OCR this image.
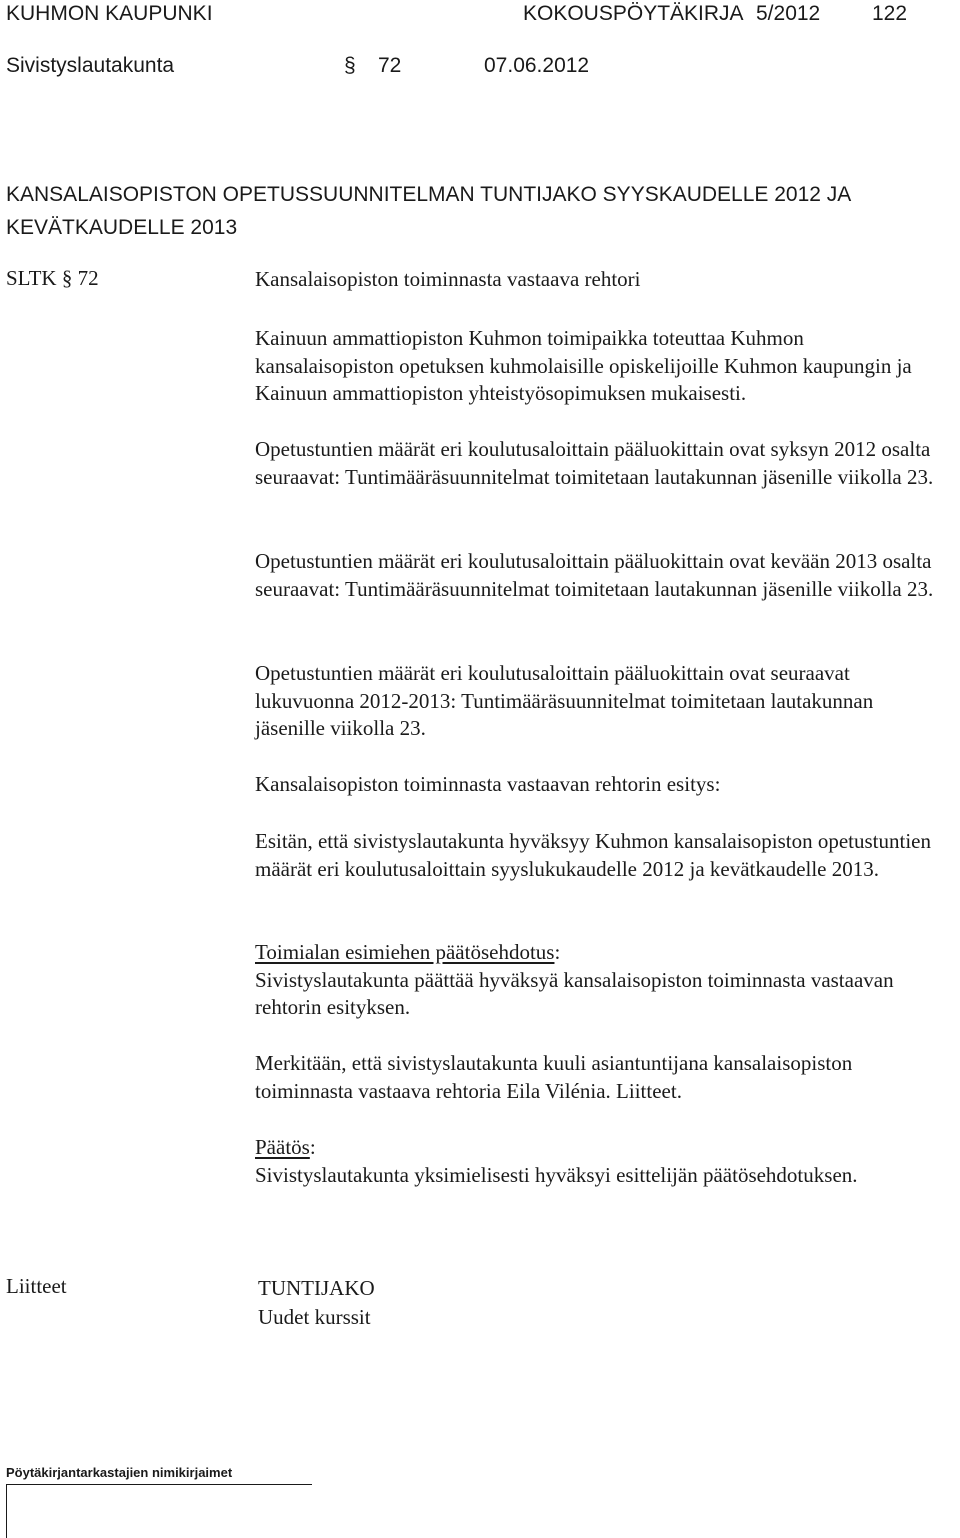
KUHMON KAUPUNKI	KOKOUSPÖYTÄKIRJA 5/2012 122
Sivistyslautakunta	§ 72	07.06.2012
KANSALAISOPISTON OPETUSSUUNNITELMAN TUNTIJAKO SYYSKAUDELLE 2012 JA
KEVÄTKAUDELLE 2013
SLTK § 72	Kansalaisopiston toiminnasta vastaava rehtori

Kainuun ammattiopiston Kuhmon toimipaikka toteuttaa Kuhmon kansalaisopiston opetuksen kuhmolaisille opiskelijoille Kuhmon kaupungin ja Kainuun ammattiopiston yhteistyösopimuksen mukaisesti.

Opetustuntien määrät eri koulutusaloittain pääluokittain ovat syksyn 2012 osalta seuraavat: Tuntimääräsuunnitelmat toimitetaan lautakunnan jäsenille viikolla 23.

Opetustuntien määrät eri koulutusaloittain pääluokittain ovat kevään 2013 osalta seuraavat: Tuntimääräsuunnitelmat toimitetaan lautakunnan jäsenille viikolla 23.

Opetustuntien määrät eri koulutusaloittain pääluokittain ovat seuraavat lukuvuonna 2012-2013: Tuntimääräsuunnitelmat toimitetaan lautakunnan jäsenille viikolla 23.

Kansalaisopiston toiminnasta vastaavan rehtorin esitys:

Esitän, että sivistyslautakunta hyväksyy Kuhmon kansalaisopiston opetustuntien määrät eri koulutusaloittain syyslukukaudelle 2012 ja kevätkaudelle 2013.

Toimialan esimiehen päätösehdotus:

Sivistyslautakunta päättää hyväksyä kansalaisopiston toiminnasta vastaavan rehtorin esityksen.

Merkitään, että sivistyslautakunta kuuli asiantuntijana kansalaisopiston toiminnasta vastaava rehtoria Eila Vilénia. Liitteet.

Päätös:

Sivistyslautakunta yksimielisesti hyväksyi esittelijän päätösehdotuksen.

Liitteet	TUNTIJAKO
Uudet kurssit
Pöytäkirjantarkastajien nimikirjaimet
